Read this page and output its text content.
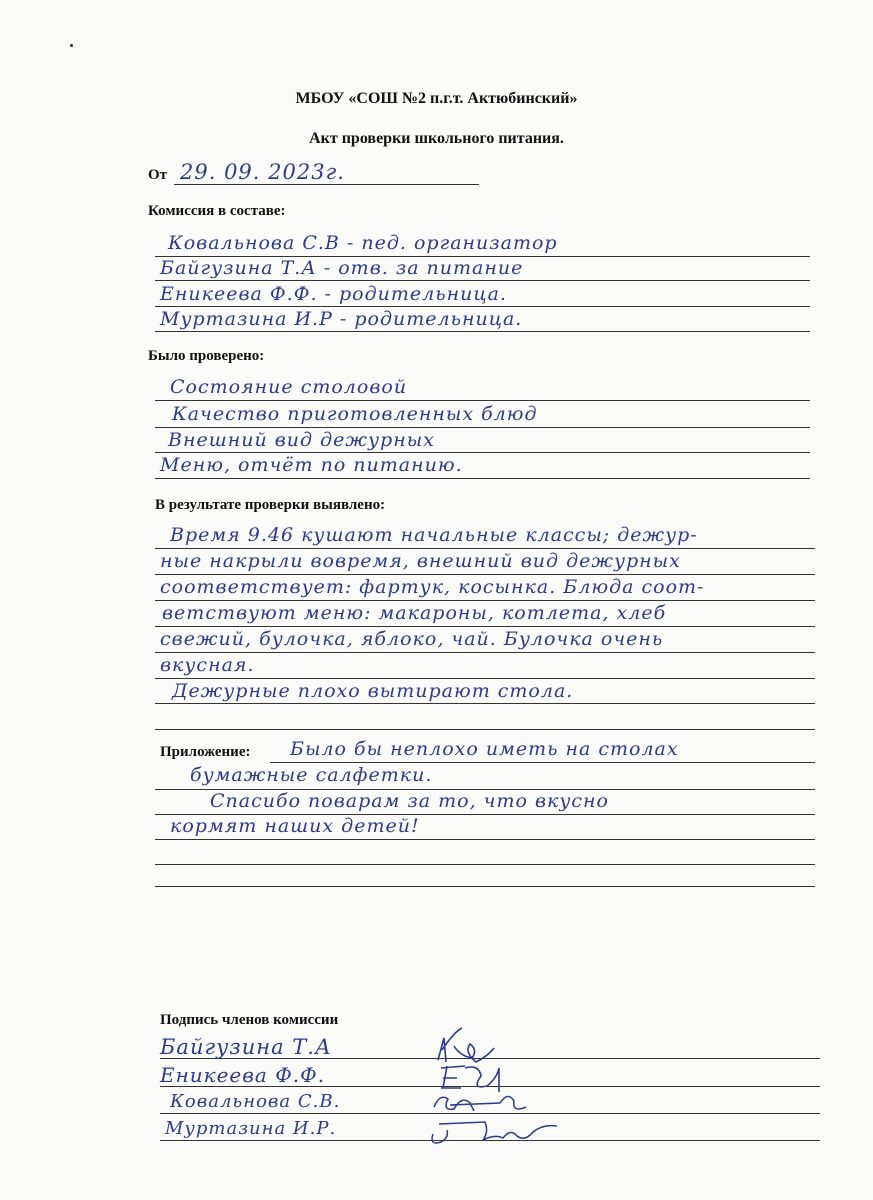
МБОУ «СОШ №2 п.г.т. Актюбинский»
Акт проверки школьного питания.
От 29. 09. 2023г.
Комиссия в составе:
Ковальнова С.В - пед. организатор
Байгузина Т.А - отв. за питание
Еникеева Ф.Ф. - родительница.
Муртазина И.Р - родительница.
Было проверено:
Состояние столовой
Качество приготовленных блюд
Внешний вид дежурных
Меню, отчёт по питанию.
В результате проверки выявлено:
Время 9.46 кушают начальные классы; дежур-
ные накрыли вовремя, внешний вид дежурных
соответствует: фартук, косынка. Блюда соот-
ветствуют меню: макароны, котлета, хлеб
свежий, булочка, яблоко, чай. Булочка очень
вкусная.
Дежурные плохо вытирают стола.
Приложение: Было бы неплохо иметь на столах
бумажные салфетки.
Спасибо поварам за то, что вкусно
кормят наших детей!
Подпись членов комиссии
Байгузина Т.А
Еникеева Ф.Ф.
Ковальнова С.В.
Муртазина И.Р.
